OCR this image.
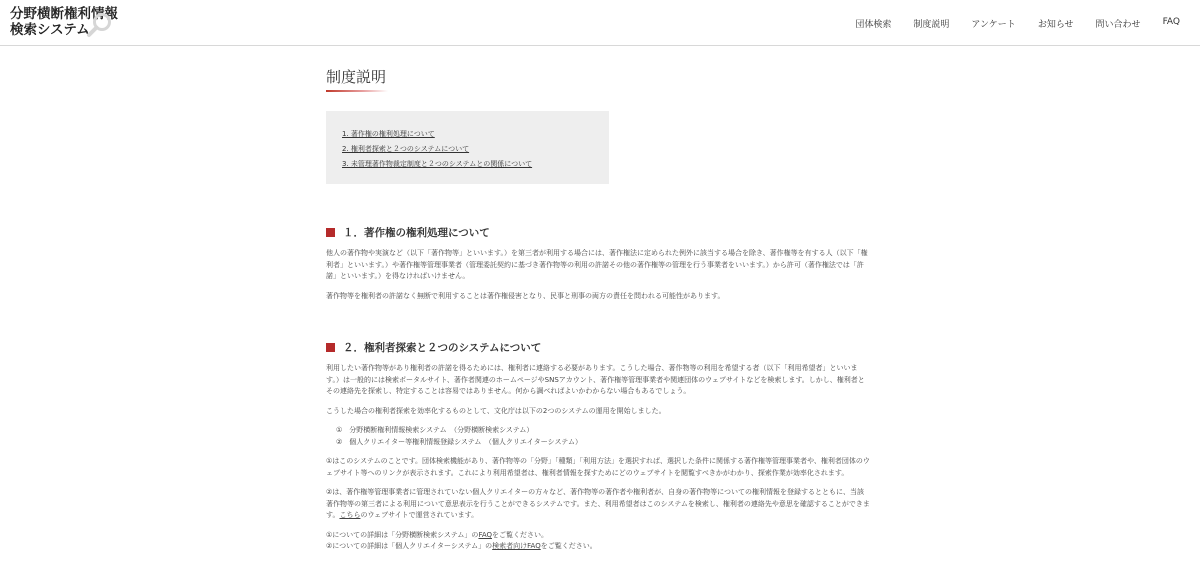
分野横断権利情報
検索システム	団体検索 制度説明 アンケート お知らせ 問い合わせ FAQ
制度説明
1. 著作権の権利処理について
2. 権利者探索と２つのシステムについて
3. 未管理著作物裁定制度と２つのシステムとの関係について
１．著作権の権利処理について

他人の著作物や実演など（以下「著作物等」といいます。）を第三者が利用する場合には、著作権法に定められた例外に該当する場合を除き、著作権等を有する人（以下「権利者」といいます。）や著作権等管理事業者（管理委託契約に基づき著作物等の利用の許諾その他の著作権等の管理を行う事業者をいいます。）から許可（著作権法では「許諾」といいます。）を得なければいけません。

著作物等を権利者の許諾なく無断で利用することは著作権侵害となり、民事と刑事の両方の責任を問われる可能性があります。

２．権利者探索と２つのシステムについて

利用したい著作物等があり権利者の許諾を得るためには、権利者に連絡する必要があります。こうした場合、著作物等の利用を希望する者（以下「利用希望者」といいます。）は一般的には検索ポータルサイト、著作者関連のホームページやSNSアカウント、著作権等管理事業者や関連団体のウェブサイトなどを検索します。しかし、権利者とその連絡先を探索し、特定することは容易ではありません。何から調べればよいかわからない場合もあるでしょう。

こうした場合の権利者探索を効率化するものとして、文化庁は以下の2つのシステムの運用を開始しました。

①　分野横断権利情報検索システム　（分野横断検索システム）
②　個人クリエイター等権利情報登録システム　（個人クリエイターシステム）

①はこのシステムのことです。団体検索機能があり、著作物等の「分野」「種類」「利用方法」を選択すれば、選択した条件に関係する著作権等管理事業者や、権利者団体のウェブサイト等へのリンクが表示されます。これにより利用希望者は、権利者情報を探すためにどのウェブサイトを閲覧すべきかがわかり、探索作業が効率化されます。

②は、著作権等管理事業者に管理されていない個人クリエイターの方々など、著作物等の著作者や権利者が、自身の著作物等についての権利情報を登録するとともに、当該著作物等の第三者による利用について意思表示を行うことができるシステムです。また、利用希望者はこのシステムを検索し、権利者の連絡先や意思を確認することができます。こちらのウェブサイトで運営されています。

①についての詳細は「分野横断検索システム」のFAQをご覧ください。

②についての詳細は「個人クリエイターシステム」の検索者向けFAQをご覧ください。
